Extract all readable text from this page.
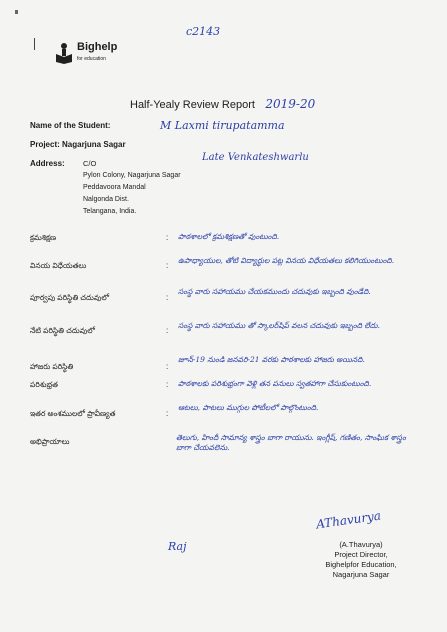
c2143
Bighelp
for education
Half-Yealy Review Report 2019-20
Name of the Student:	M Laxmi tirupatamma
Project: Nagarjuna Sagar
Address: C/O
Pylon Colony, Nagarjuna Sagar
Peddavoora Mandal
Nalgonda Dist.
Telangana, India.
Late Venkateshwarlu
క్రమశిక్షణ	: పాఠశాలలో క్రమశిక్షణతో వుంటుంది.
వినయ విధేయతలు	:
ఉపాధ్యాయుల, తోటి విద్యార్థుల పట్ల వినయ విధేయతలు కలిగియుంటుంది.
పూర్వపు పరిస్థితి చదువులో	:
సంస్థ వారు సహాయము చేయకముందు చదువుకు ఇబ్బంది వుండేది.
నేటి పరిస్థితి చదువులో	:
సంస్థ వారు సహాయము తో స్కాలర్‌షిప్ వలన చదువుకు ఇబ్బంది లేదు.
హాజరు పరిస్థితి	:
జూన్-19 నుండి జనవరి-21 వరకు పాఠశాలకు హాజరు అయినది.
పరిశుభ్రత	: పాఠశాలకు పరిశుభ్రంగా వెళ్లి తన పనులు స్వతహాగా చేసుకుంటుంది.
ఇతర అంశములలో ప్రావీణ్యత	:
ఆటలు, పాటలు ముగ్గుల పోటీలలో పాల్గొంటుంది.
అభిప్రాయాలు	తెలుగు, హిందీ సామాన్య శాస్త్రం బాగా రాయును. ఇంగ్లీష్, గణితం, సాంఘిక శాస్త్రం బాగా చేయవలెను.
Raj
AThavurya
(A.Thavurya)
Project Director,
Bighelpfor Education,
Nagarjuna Sagar
